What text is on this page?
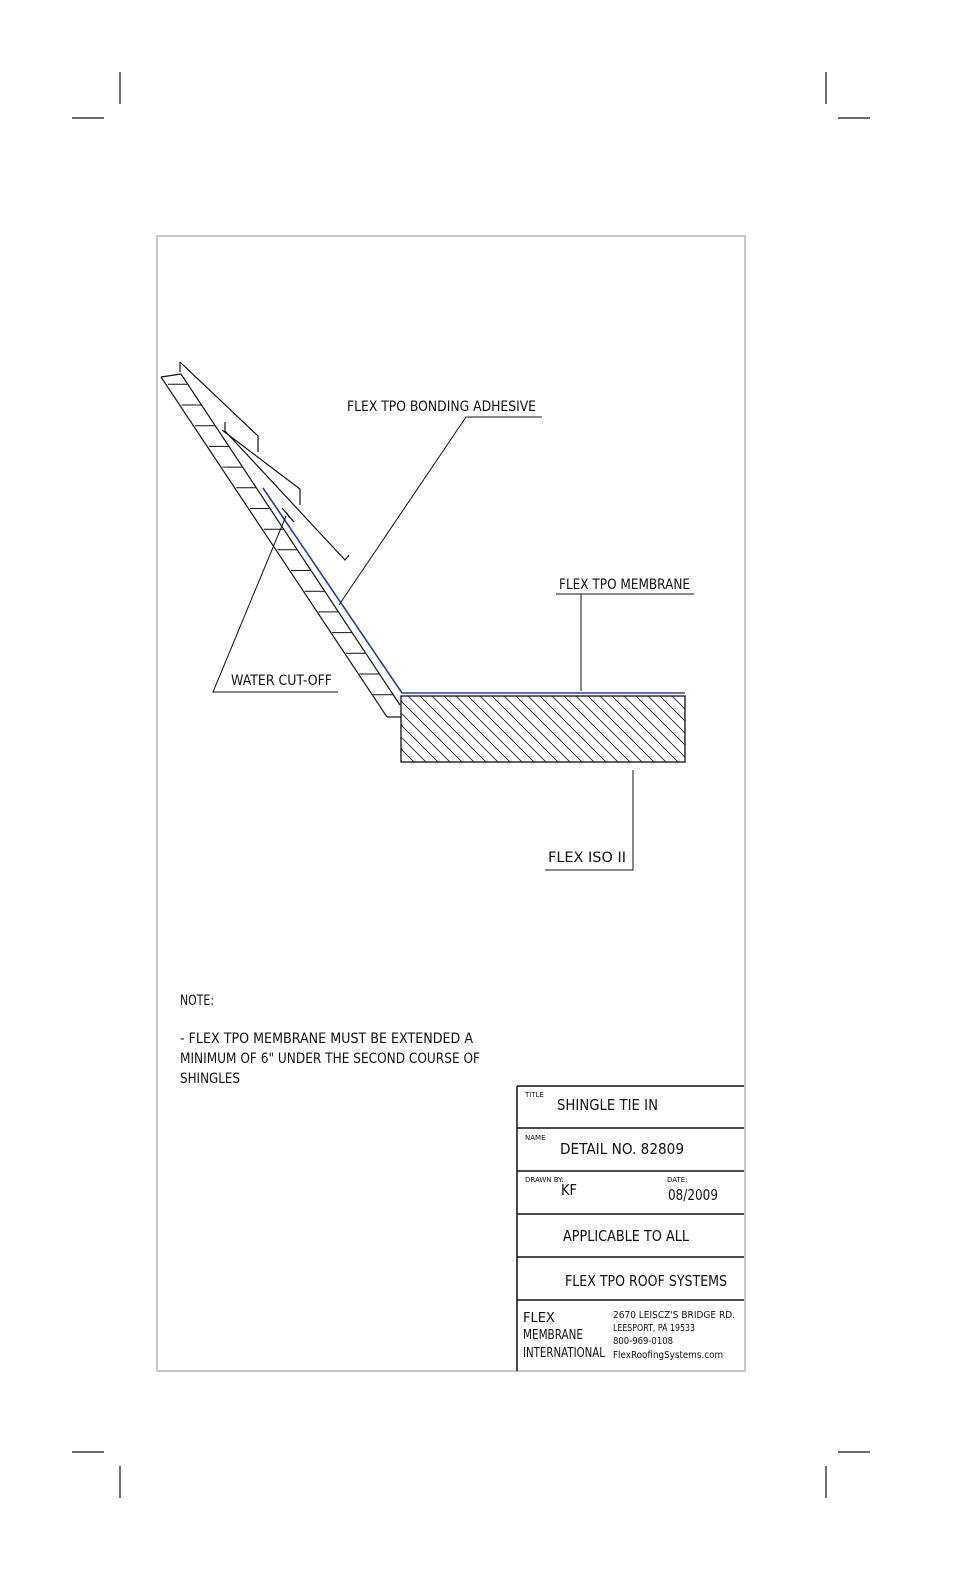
FLEX TPO BONDING ADHESIVE
FLEX TPO MEMBRANE
WATER CUT-OFF
FLEX ISO II
NOTE:
- FLEX TPO MEMBRANE MUST BE EXTENDED A
MINIMUM OF 6" UNDER THE SECOND COURSE OF
SHINGLES
TITLE
SHINGLE TIE IN
NAME
DETAIL NO. 82809
DRAWN BY:
KF
DATE:
08/2009
APPLICABLE TO ALL
FLEX TPO ROOF SYSTEMS
FLEX
MEMBRANE
INTERNATIONAL
2670 LEISCZ'S BRIDGE RD.
LEESPORT, PA 19533
800-969-0108
FlexRoofingSystems.com
